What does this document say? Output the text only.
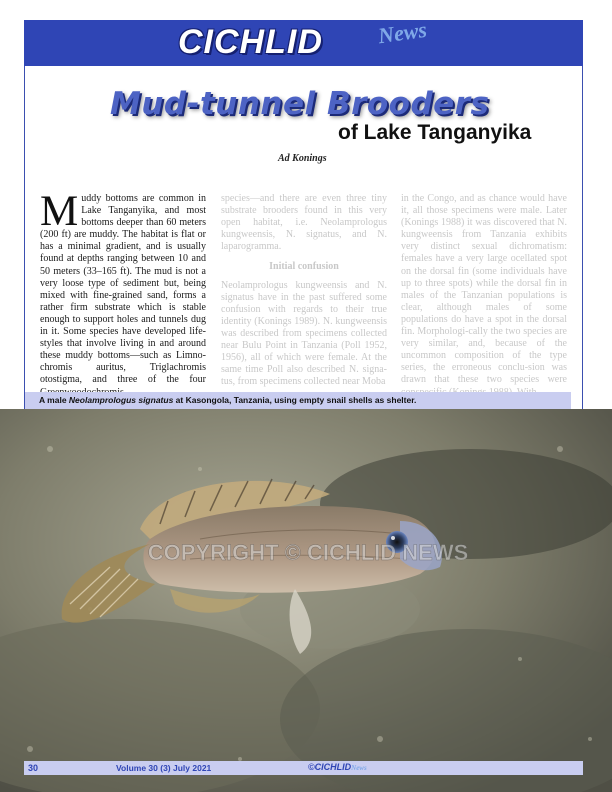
CICHLID News
Mud-tunnel Brooders
of Lake Tanganyika
Ad Konings
Muddy bottoms are common in Lake Tanganyika, and most bottoms deeper than 60 meters (200 ft) are muddy. The habitat is flat or has a minimal gradient, and is usually found at depths ranging between 10 and 50 meters (33–165 ft). The mud is not a very loose type of sediment but, being mixed with fine-grained sand, forms a rather firm substrate which is stable enough to support holes and tunnels dug in it. Some species have developed life-styles that involve living in and around these muddy bottoms—such as Limno-chromis auritus, Triglachromis otostigma, and three of the four

species—and there are even three tiny substrate brooders found in this very open habitat, i.e. Neolamprologus kungweensis, N. signatus, and N. laparogramma.

Initial confusion

Neolamprologus kungweensis and N. signatus have in the past suffered some confusion with regards to their true identity (Konings 1989). N. kungweensis was described from specimens collected near Bulu Point in Tanzania (Poll 1952, 1956), all of which were female. At the same time Poll also described N. signa-tus, from specimens collected near Moba

in the Congo, and as chance would have it, all those specimens were male. Later (Konings 1988) it was discovered that N. kungweensis from Tanzania exhibits very distinct sexual dichromatism: females have a very large ocellated spot on the dorsal fin (some individuals have up to three spots) while the dorsal fin in males of the Tanzanian populations is clear, although males of some populations do have a spot in the dorsal fin. Morphologi-cally the two species are very similar, and, because of the uncommon composition of the type series, the erroneous conclu-sion was drawn that these two species were

A male Neolamprologus signatus at Kasongola, Tanzania, using empty snail shells as shelter.
COPYRIGHT © CICHLID NEWS
30	Volume 30 (3) July 2021	©CICHLIDNews
